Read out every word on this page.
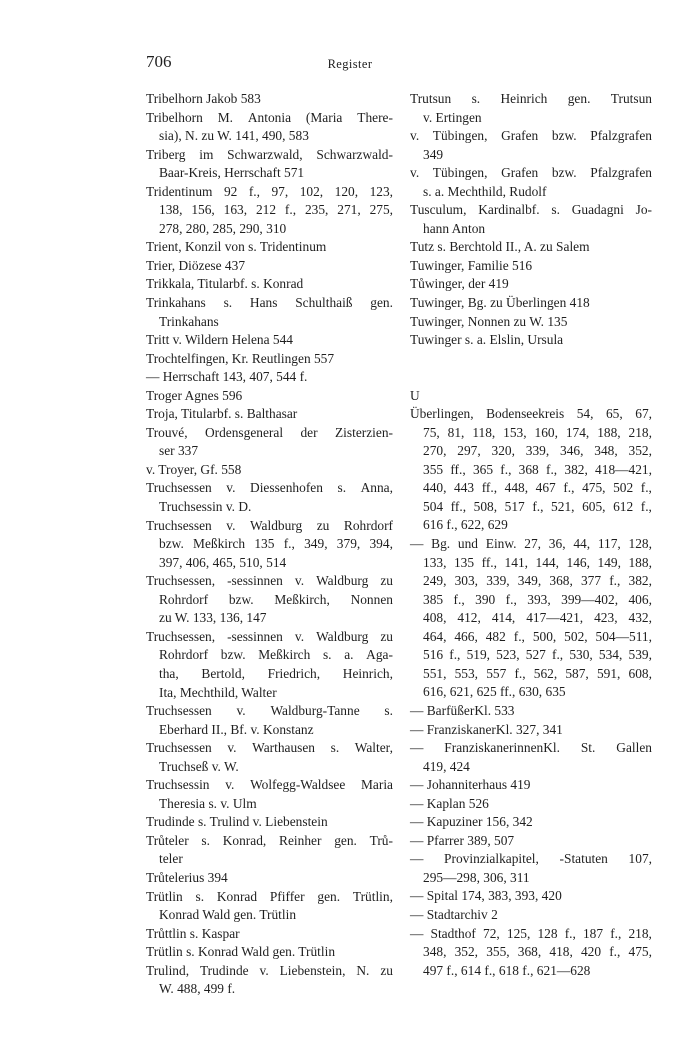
706	Register
Tribelhorn Jakob 583
Tribelhorn M. Antonia (Maria There-
sia), N. zu W. 141, 490, 583
Triberg im Schwarzwald, Schwarzwald-
Baar-Kreis, Herrschaft 571
Tridentinum 92 f., 97, 102, 120, 123,
138, 156, 163, 212 f., 235, 271, 275,
278, 280, 285, 290, 310
Trient, Konzil von s. Tridentinum
Trier, Diözese 437
Trikkala, Titularbf. s. Konrad
Trinkahans s. Hans Schulthaiß gen.
Trinkahans
Tritt v. Wildern Helena 544
Trochtelfingen, Kr. Reutlingen 557
— Herrschaft 143, 407, 544 f.
Troger Agnes 596
Troja, Titularbf. s. Balthasar
Trouvé, Ordensgeneral der Zisterzien-
ser 337
v. Troyer, Gf. 558
Truchsessen v. Diessenhofen s. Anna,
Truchsessin v. D.
Truchsessen v. Waldburg zu Rohrdorf
bzw. Meßkirch 135 f., 349, 379, 394,
397, 406, 465, 510, 514
Truchsessen, -sessinnen v. Waldburg zu
Rohrdorf bzw. Meßkirch, Nonnen
zu W. 133, 136, 147
Truchsessen, -sessinnen v. Waldburg zu
Rohrdorf bzw. Meßkirch s. a. Aga-
tha, Bertold, Friedrich, Heinrich,
Ita, Mechthild, Walter
Truchsessen v. Waldburg-Tanne s.
Eberhard II., Bf. v. Konstanz
Truchsessen v. Warthausen s. Walter,
Truchseß v. W.
Truchsessin v. Wolfegg-Waldsee Maria
Theresia s. v. Ulm
Trudinde s. Trulind v. Liebenstein
Trůteler s. Konrad, Reinher gen. Trů-
teler
Trůtelerius 394
Trütlin s. Konrad Pfiffer gen. Trütlin,
Konrad Wald gen. Trütlin
Trůttlin s. Kaspar
Trütlin s. Konrad Wald gen. Trütlin
Trulind, Trudinde v. Liebenstein, N. zu
W. 488, 499 f.
Trutsun s. Heinrich gen. Trutsun
v. Ertingen
v. Tübingen, Grafen bzw. Pfalzgrafen
349
v. Tübingen, Grafen bzw. Pfalzgrafen
s. a. Mechthild, Rudolf
Tusculum, Kardinalbf. s. Guadagni Jo-
hann Anton
Tutz s. Berchtold II., A. zu Salem
Tuwinger, Familie 516
Tůwinger, der 419
Tuwinger, Bg. zu Überlingen 418
Tuwinger, Nonnen zu W. 135
Tuwinger s. a. Elslin, Ursula
U
Überlingen, Bodenseekreis 54, 65, 67,
75, 81, 118, 153, 160, 174, 188, 218,
270, 297, 320, 339, 346, 348, 352,
355 ff., 365 f., 368 f., 382, 418—421,
440, 443 ff., 448, 467 f., 475, 502 f.,
504 ff., 508, 517 f., 521, 605, 612 f.,
616 f., 622, 629
— Bg. und Einw. 27, 36, 44, 117, 128,
133, 135 ff., 141, 144, 146, 149, 188,
249, 303, 339, 349, 368, 377 f., 382,
385 f., 390 f., 393, 399—402, 406,
408, 412, 414, 417—421, 423, 432,
464, 466, 482 f., 500, 502, 504—511,
516 f., 519, 523, 527 f., 530, 534, 539,
551, 553, 557 f., 562, 587, 591, 608,
616, 621, 625 ff., 630, 635
— BarfüßerKl. 533
— FranziskanerKl. 327, 341
— FranziskanerinnenKl. St. Gallen
419, 424
— Johanniterhaus 419
— Kaplan 526
— Kapuziner 156, 342
— Pfarrer 389, 507
— Provinzialkapitel, -Statuten 107,
295—298, 306, 311
— Spital 174, 383, 393, 420
— Stadtarchiv 2
— Stadthof 72, 125, 128 f., 187 f., 218,
348, 352, 355, 368, 418, 420 f., 475,
497 f., 614 f., 618 f., 621—628
